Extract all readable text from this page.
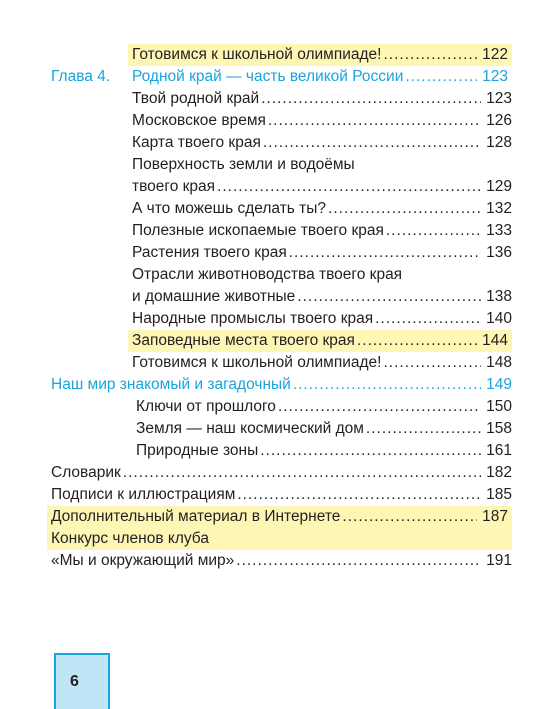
Готовимся к школьной олимпиаде! .....	122
Глава 4.	Родной край — часть великой России .....	123
Твой родной край .....	123
Московское время .....	126
Карта твоего края .....	128
Поверхность земли и водоёмы
твоего края .....	129
А что можешь сделать ты? .....	132
Полезные ископаемые твоего края .....	133
Растения твоего края .....	136
Отрасли животноводства твоего края
и домашние животные .....	138
Народные промыслы твоего края .....	140
Заповедные места твоего края .....	144
Готовимся к школьной олимпиаде! .....	148
Наш мир знакомый и загадочный .....	149
Ключи от прошлого .....	150
Земля — наш космический дом .....	158
Природные зоны .....	161
Словарик .....	182
Подписи к иллюстрациям .....	185
Дополнительный материал в Интернете .....	187
Конкурс членов клуба
«Мы и окружающий мир» .....	191
6
